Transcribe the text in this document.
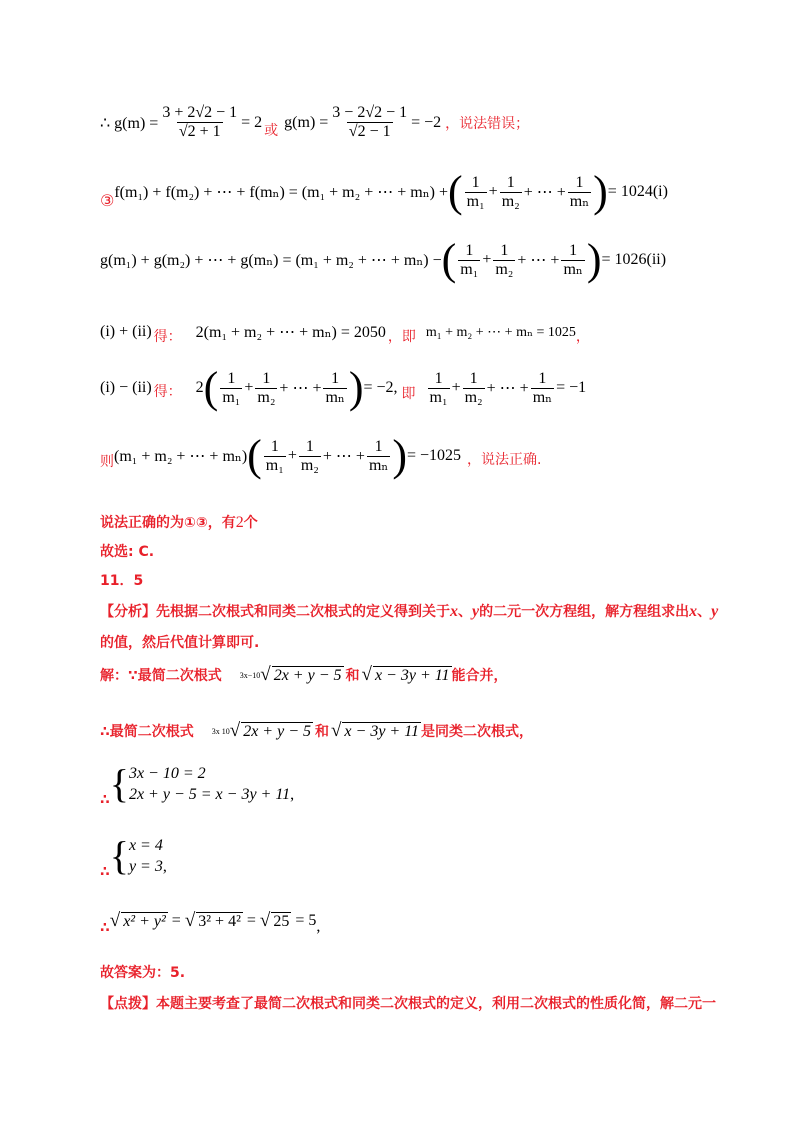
∴ $g(m) = \frac{3 + 2√2 - 1}{√2 + 1} = 2$ 或 $g(m) = \frac{3 - 2√2 - 1}{√2 - 1} = -2$ ，说法错误；
③ f(m₁) + f(m₂) + ⋯ + f(mₙ) = (m₁ + m₂ + ⋯ + mₙ) + ( $\frac{1}{\text{m₁}} + \frac{1}{\text{m₂}}$ + ⋯ + $\frac{1}{\text{mₙ}}$ ) = 1024(i)
g(m₁) + g(m₂) + ⋯ + g(mₙ) = (m₁ + m₂ + ⋯ + mₙ) − ( $\frac{1}{\text{m₁}} + \frac{1}{\text{m₂}}$ + ⋯ + $\frac{1}{\text{mₙ}}$ ) = 1026(ii)
(i) + (ii) 得： 2(m₁ + m₂ + ⋯ + mₙ) = 2050 ，即 m₁ + m₂ + ⋯ + mₙ = 1025 ，
(i) − (ii) 得： 2 ( $\frac{1}{\text{m₁}} + \frac{1}{\text{m₂}}$ + ⋯ + $\frac{1}{\text{mₙ}}$ ) = −2, 即 $\frac{1}{\text{m₁}} + \frac{1}{\text{m₂}}$ + ⋯ + $\frac{1}{\text{mₙ}} = -1$
则 (m₁ + m₂ + ⋯ + mₙ) ( $\frac{1}{\text{m₁}} + \frac{1}{\text{m₂}}$ + ⋯ + $\frac{1}{\text{mₙ}}$ ) = −1025 ，说法正确.
说法正确的为①③，有2个
故选: C.
11．5
【分析】先根据二次根式和同类二次根式的定义得到关于x、y的二元一次方程组，解方程组求出x、y
的值，然后代值计算即可.
解：∵最简二次根式 3x−10 √ 2x + y − 5 和 √ x − 3y + 11 能合并，
∴最简二次根式 3x 10 √ 2x + y − 5 和 √ x − 3y + 11 是同类二次根式，
∴ { 3x − 10 = 2
2x + y − 5 = x − 3y + 11 ,
∴ { x = 4
y = 3 ,
∴ √ x² + y² = √ 3² + 4² = √ 25 = 5 ,
故答案为：5.
【点拨】本题主要考查了最简二次根式和同类二次根式的定义，利用二次根式的性质化简，解二元一
